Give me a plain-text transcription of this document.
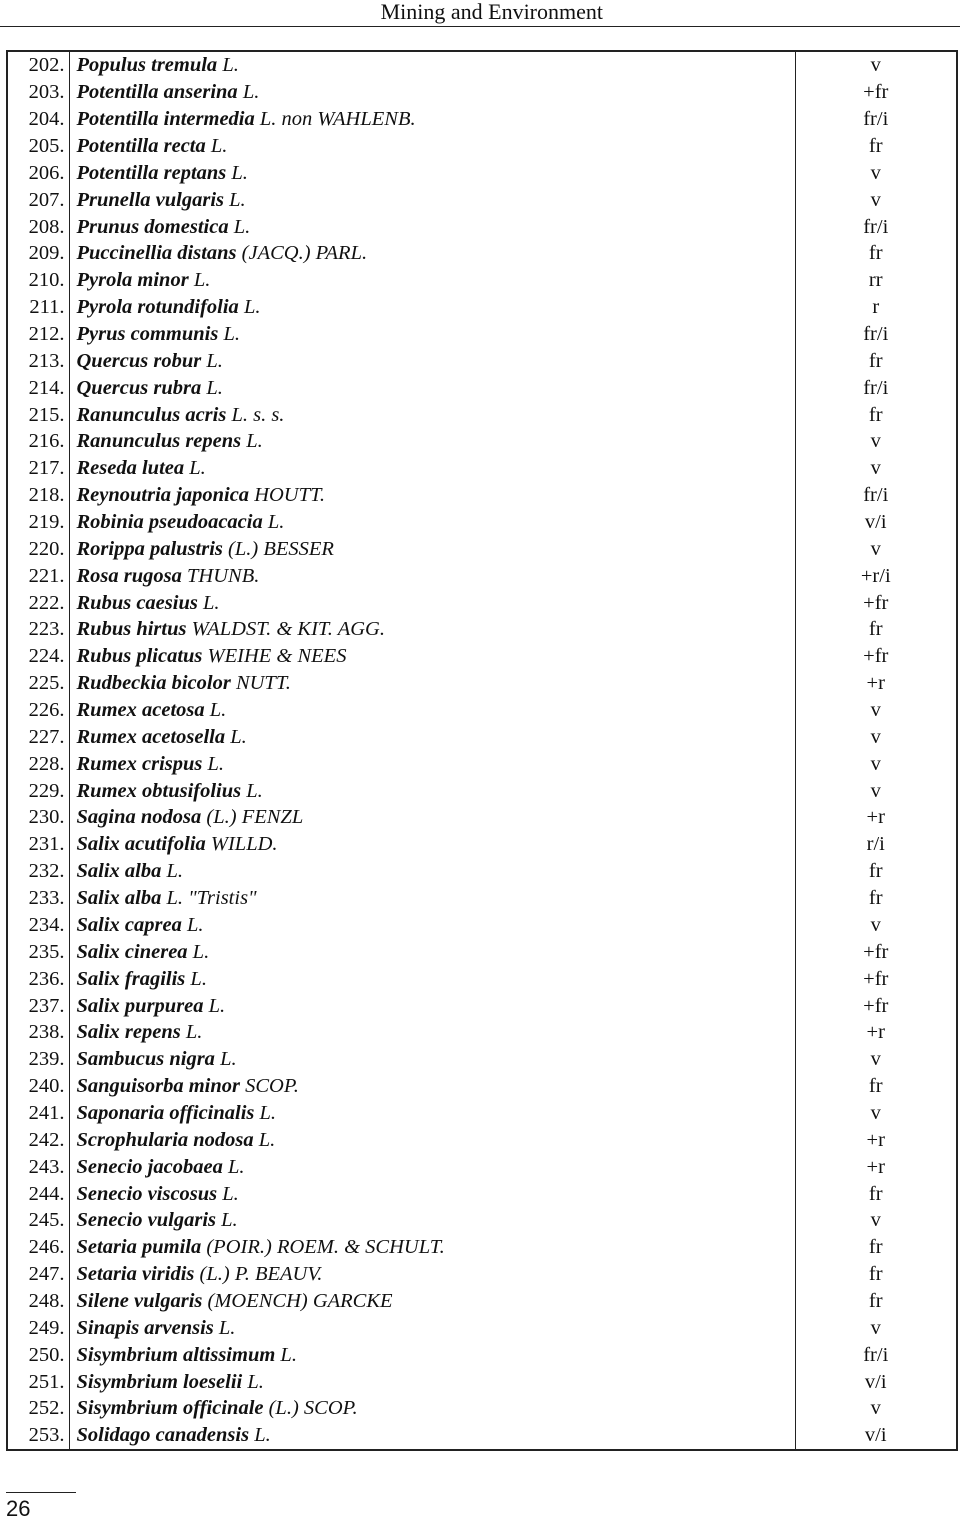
Mining and Environment
202.	Populus tremula L.	v
203.	Potentilla anserina L.	+fr
204.	Potentilla intermedia L. non WAHLENB.	fr/i
205.	Potentilla recta L.	fr
206.	Potentilla reptans L.	v
207.	Prunella vulgaris L.	v
208.	Prunus domestica L.	fr/i
209.	Puccinellia distans (JACQ.) PARL.	fr
210.	Pyrola minor L.	rr
211.	Pyrola rotundifolia L.	r
212.	Pyrus communis L.	fr/i
213.	Quercus robur L.	fr
214.	Quercus rubra L.	fr/i
215.	Ranunculus acris L. s. s.	fr
216.	Ranunculus repens L.	v
217.	Reseda lutea L.	v
218.	Reynoutria japonica HOUTT.	fr/i
219.	Robinia pseudoacacia L.	v/i
220.	Rorippa palustris (L.) BESSER	v
221.	Rosa rugosa THUNB.	+r/i
222.	Rubus caesius L.	+fr
223.	Rubus hirtus WALDST. & KIT. AGG.	fr
224.	Rubus plicatus WEIHE & NEES	+fr
225.	Rudbeckia bicolor NUTT.	+r
226.	Rumex acetosa L.	v
227.	Rumex acetosella L.	v
228.	Rumex crispus L.	v
229.	Rumex obtusifolius L.	v
230.	Sagina nodosa (L.) FENZL	+r
231.	Salix acutifolia WILLD.	r/i
232.	Salix alba L.	fr
233.	Salix alba L. "Tristis"	fr
234.	Salix caprea L.	v
235.	Salix cinerea L.	+fr
236.	Salix fragilis L.	+fr
237.	Salix purpurea L.	+fr
238.	Salix repens L.	+r
239.	Sambucus nigra L.	v
240.	Sanguisorba minor SCOP.	fr
241.	Saponaria officinalis L.	v
242.	Scrophularia nodosa L.	+r
243.	Senecio jacobaea L.	+r
244.	Senecio viscosus L.	fr
245.	Senecio vulgaris L.	v
246.	Setaria pumila (POIR.) ROEM. & SCHULT.	fr
247.	Setaria viridis (L.) P. BEAUV.	fr
248.	Silene vulgaris (MOENCH) GARCKE	fr
249.	Sinapis arvensis L.	v
250.	Sisymbrium altissimum L.	fr/i
251.	Sisymbrium loeselii L.	v/i
252.	Sisymbrium officinale (L.) SCOP.	v
253.	Solidago canadensis L.	v/i
26
